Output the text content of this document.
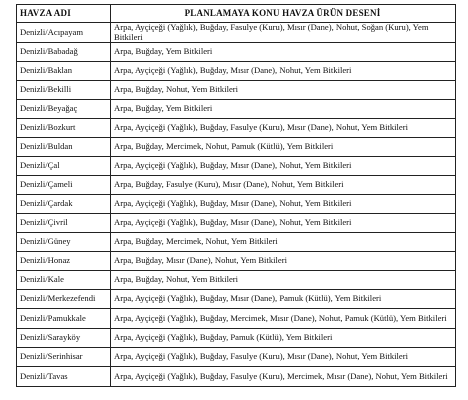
HAVZA ADI	PLANLAMAYA KONU HAVZA ÜRÜN DESENİ
Denizli/Acıpayam	Arpa, Ayçiçeği (Yağlık), Buğday, Fasulye (Kuru), Mısır (Dane), Nohut, Soğan (Kuru), Yem Bitkileri
Denizli/Babadağ	Arpa, Buğday, Yem Bitkileri
Denizli/Baklan	Arpa, Ayçiçeği (Yağlık), Buğday, Mısır (Dane), Nohut, Yem Bitkileri
Denizli/Bekilli	Arpa, Buğday, Nohut, Yem Bitkileri
Denizli/Beyağaç	Arpa, Buğday, Yem Bitkileri
Denizli/Bozkurt	Arpa, Ayçiçeği (Yağlık), Buğday, Fasulye (Kuru), Mısır (Dane), Nohut, Yem Bitkileri
Denizli/Buldan	Arpa, Buğday, Mercimek, Nohut, Pamuk (Kütlü), Yem Bitkileri
Denizli/Çal	Arpa, Ayçiçeği (Yağlık), Buğday, Mısır (Dane), Nohut, Yem Bitkileri
Denizli/Çameli	Arpa, Buğday, Fasulye (Kuru), Mısır (Dane), Nohut, Yem Bitkileri
Denizli/Çardak	Arpa, Ayçiçeği (Yağlık), Buğday, Mısır (Dane), Nohut, Yem Bitkileri
Denizli/Çivril	Arpa, Ayçiçeği (Yağlık), Buğday, Mısır (Dane), Nohut, Yem Bitkileri
Denizli/Güney	Arpa, Buğday, Mercimek, Nohut, Yem Bitkileri
Denizli/Honaz	Arpa, Buğday, Mısır (Dane), Nohut, Yem Bitkileri
Denizli/Kale	Arpa, Buğday, Nohut, Yem Bitkileri
Denizli/Merkezefendi	Arpa, Ayçiçeği (Yağlık), Buğday, Mısır (Dane), Pamuk (Kütlü), Yem Bitkileri
Denizli/Pamukkale	Arpa, Ayçiçeği (Yağlık), Buğday, Mercimek, Mısır (Dane), Nohut, Pamuk (Kütlü), Yem Bitkileri
Denizli/Sarayköy	Arpa, Ayçiçeği (Yağlık), Buğday, Pamuk (Kütlü), Yem Bitkileri
Denizli/Serinhisar	Arpa, Ayçiçeği (Yağlık), Buğday, Fasulye (Kuru), Mısır (Dane), Nohut, Yem Bitkileri
Denizli/Tavas	Arpa, Ayçiçeği (Yağlık), Buğday, Fasulye (Kuru), Mercimek, Mısır (Dane), Nohut, Yem Bitkileri
